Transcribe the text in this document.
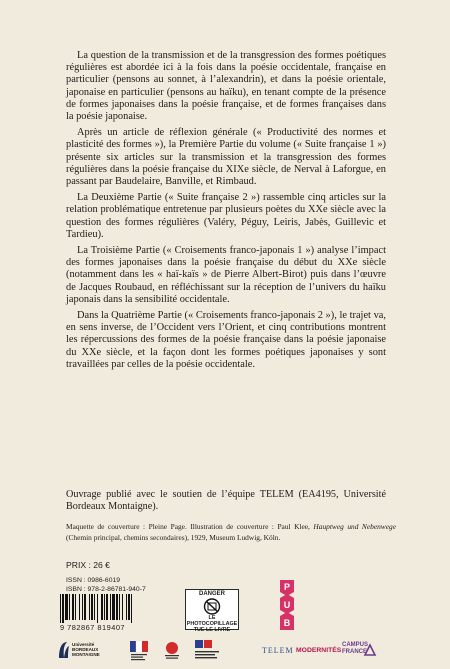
La question de la transmission et de la transgression des formes poétiques régulières est abordée ici à la fois dans la poésie occidentale, française en particulier (pensons au sonnet, à l’alexandrin), et dans la poésie orientale, japonaise en particulier (pensons au haïku), en tenant compte de la présence de formes japonaises dans la poésie française, et de formes françaises dans la poésie japonaise.

Après un article de réflexion générale (« Productivité des normes et plasticité des formes »), la Première Partie du volume (« Suite française 1 ») présente six articles sur la transmission et la transgression des formes régulières dans la poésie française du XIXe siècle, de Nerval à Laforgue, en passant par Baudelaire, Banville, et Rimbaud.

La Deuxième Partie (« Suite française 2 ») rassemble cinq articles sur la relation problématique entretenue par plusieurs poètes du XXe siècle avec la question des formes régulières (Valéry, Péguy, Leiris, Jabès, Guillevic et Tardieu).

La Troisième Partie (« Croisements franco-japonais 1 ») analyse l’impact des formes japonaises dans la poésie française du début du XXe siècle (notamment dans les « haï-kaïs » de Pierre Albert-Birot) puis dans l’œuvre de Jacques Roubaud, en réfléchissant sur la réception de l’univers du haïku japonais dans la sensibilité occidentale.

Dans la Quatrième Partie (« Croisements franco-japonais 2 »), le trajet va, en sens inverse, de l’Occident vers l’Orient, et cinq contributions montrent les répercussions des formes de la poésie française dans la poésie japonaise du XXe siècle, et la façon dont les formes poétiques japonaises y sont travaillées par celles de la poésie occidentale.

Ouvrage publié avec le soutien de l’équipe TELEM (EA4195, Université Bordeaux Montaigne).
Maquette de couverture : Pleine Page. Illustration de couverture : Paul Klee, Hauptweg und Nebenwege (Chemin principal, chemins secondaires), 1929, Museum Ludwig, Köln.
PRIX : 26 €
ISSN : 0986-6019
ISBN : 978-2-86781-940-7
9 782867 819407
DANGER
LE
PHOTOCOPILLAGE
TUE LE LIVRE
P
U
B
Université BORDEAUX MONTAIGNE	TELEM MODERNITÉS
CAMPUS FRANCE
